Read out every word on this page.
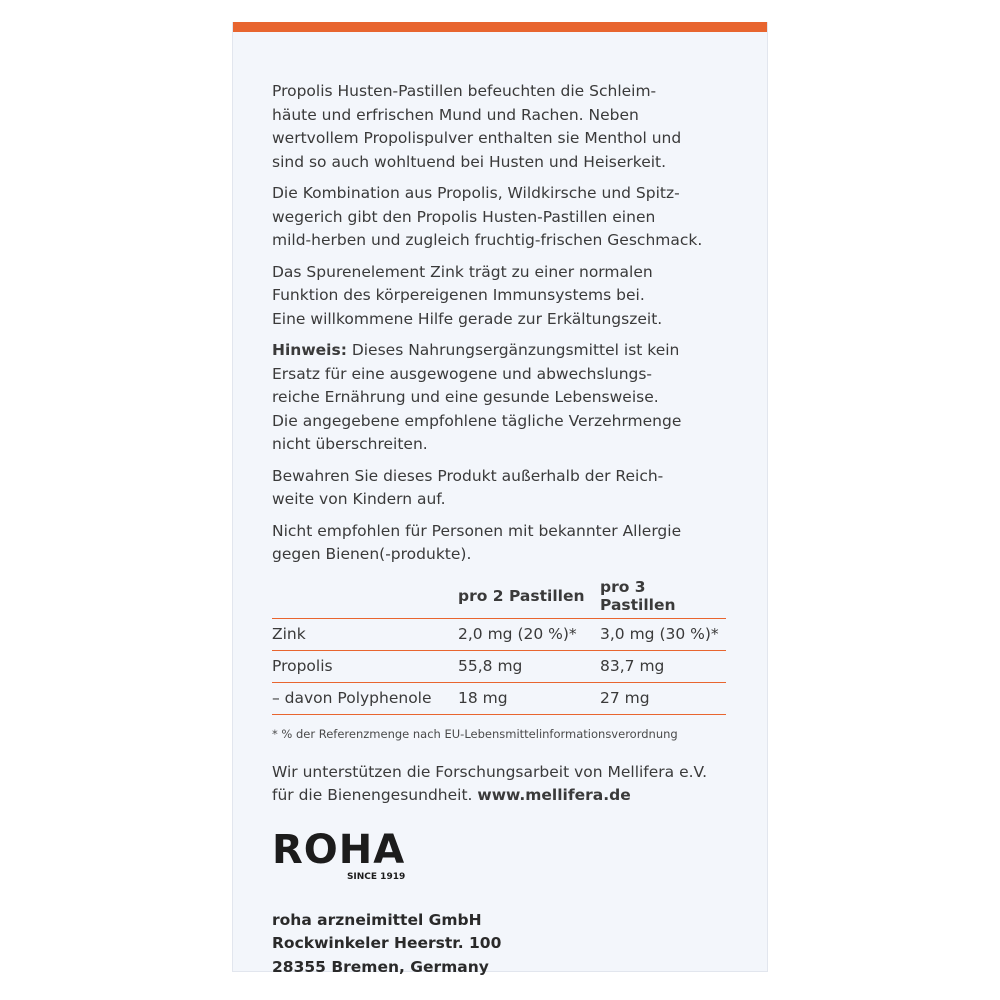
Propolis Husten-Pastillen befeuchten die Schleim-
häute und erfrischen Mund und Rachen. Neben
wertvollem Propolispulver enthalten sie Menthol und
sind so auch wohltuend bei Husten und Heiserkeit.

Die Kombination aus Propolis, Wildkirsche und Spitz-
wegerich gibt den Propolis Husten-Pastillen einen
mild-herben und zugleich fruchtig-frischen Geschmack.

Das Spurenelement Zink trägt zu einer normalen
Funktion des körpereigenen Immunsystems bei.
Eine willkommene Hilfe gerade zur Erkältungszeit.

Hinweis: Dieses Nahrungsergänzungsmittel ist kein
Ersatz für eine ausgewogene und abwechslungs-
reiche Ernährung und eine gesunde Lebensweise.
Die angegebene empfohlene tägliche Verzehrmenge
nicht überschreiten.

Bewahren Sie dieses Produkt außerhalb der Reich-
weite von Kindern auf.

Nicht empfohlen für Personen mit bekannter Allergie
gegen Bienen(-produkte).

	pro 2 Pastillen	pro 3 Pastillen
Zink	2,0 mg (20 %)*	3,0 mg (30 %)*
Propolis	55,8 mg	83,7 mg
– davon Polyphenole	18 mg	27 mg
* % der Referenzmenge nach EU-Lebensmittelinformationsverordnung

Wir unterstützen die Forschungsarbeit von Mellifera e.V.
für die Bienengesundheit. www.mellifera.de

ROHA
SINCE 1919
roha arzneimittel GmbH
Rockwinkeler Heerstr. 100
28355 Bremen, Germany
